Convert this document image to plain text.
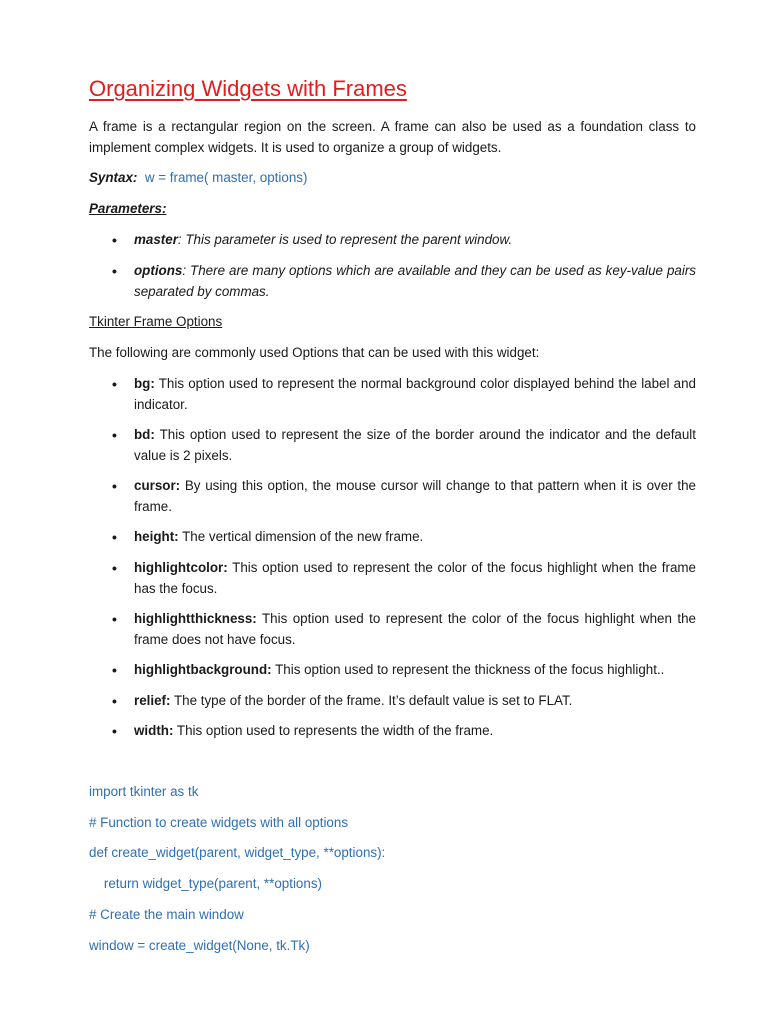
Organizing Widgets with Frames

A frame is a rectangular region on the screen. A frame can also be used as a foundation class to implement complex widgets. It is used to organize a group of widgets.

Syntax: w = frame( master, options)

Parameters:
• master: This parameter is used to represent the parent window.
• options: There are many options which are available and they can be used as key-value pairs separated by commas.
Tkinter Frame Options

The following are commonly used Options that can be used with this widget:

• bg: This option used to represent the normal background color displayed behind the label and indicator.
• bd: This option used to represent the size of the border around the indicator and the default value is 2 pixels.
• cursor: By using this option, the mouse cursor will change to that pattern when it is over the frame.
• height: The vertical dimension of the new frame.
• highlightcolor: This option used to represent the color of the focus highlight when the frame has the focus.
• highlightthickness: This option used to represent the color of the focus highlight when the frame does not have focus.
• highlightbackground: This option used to represent the thickness of the focus highlight..
• relief: The type of the border of the frame. It’s default value is set to FLAT.
• width: This option used to represents the width of the frame.
import tkinter as tk
# Function to create widgets with all options
def create_widget(parent, widget_type, **options):
return widget_type(parent, **options)
# Create the main window
window = create_widget(None, tk.Tk)
